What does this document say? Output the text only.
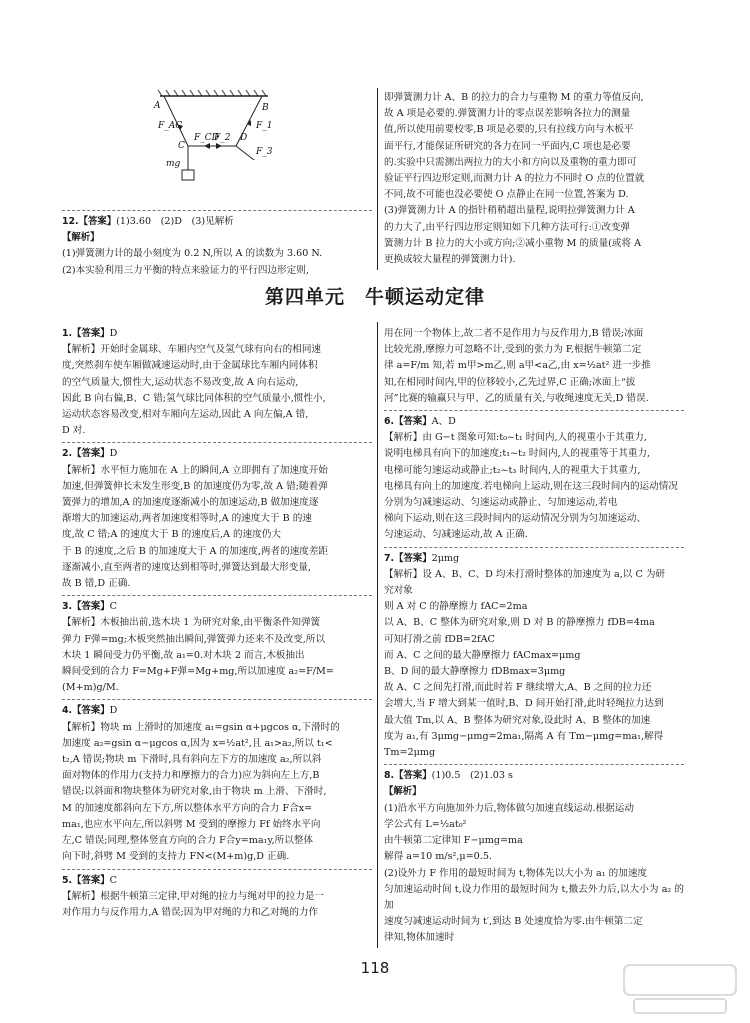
A	B
C
D
F_AC
F_CD
F_2
F_1
F_3
mg

12.【答案】(1)3.60　(2)D　(3)见解析

【解析】

(1)弹簧测力计的最小刻度为 0.2 N,所以 A 的读数为 3.60 N.

(2)本实验利用三力平衡的特点来验证力的平行四边形定则,

即弹簧测力计 A、B 的拉力的合力与重物 M 的重力等值反向,

故 A 项是必要的.弹簧测力计的零点误差影响各拉力的测量

值,所以使用前要校零,B 项是必要的,只有拉线方向与木板平

面平行,才能保证所研究的各力在同一平面内,C 项也是必要

的.实验中只需测出两拉力的大小和方向以及重物的重力即可

验证平行四边形定则,而测力计 A 的拉力不同时 O 点的位置就

不同,故不可能也没必要使 O 点静止在同一位置,答案为 D.

(3)弹簧测力计 A 的指针稍稍超出量程,说明拉弹簧测力计 A

的力大了,由平行四边形定则知如下几种方法可行:①改变弹

簧测力计 B 拉力的大小或方向;②减小重物 M 的质量(或将 A

更换成较大量程的弹簧测力计).

第四单元　牛顿运动定律

1.【答案】D

【解析】开始时金属球、车厢内空气及氢气球有向右的相同速

度,突然刹车使车厢做减速运动时,由于金属球比车厢内同体积

的空气质量大,惯性大,运动状态不易改变,故 A 向右运动,

因此 B 向右偏,B、C 错;氢气球比同体积的空气质量小,惯性小,

运动状态容易改变,相对车厢向左运动,因此 A 向左偏,A 错,

D 对.

2.【答案】D

【解析】水平恒力施加在 A 上的瞬间,A 立即拥有了加速度开始

加速,但弹簧伸长未发生形变,B 的加速度仍为零,故 A 错;随着弹

簧弹力的增加,A 的加速度逐渐减小的加速运动,B 做加速度逐

渐增大的加速运动,两者加速度相等时,A 的速度大于 B 的速

度,故 C 错;A 的速度大于 B 的速度后,A 的速度仍大

于 B 的速度,之后 B 的加速度大于 A 的加速度,两者的速度差距

逐渐减小,直至两者的速度达到相等时,弹簧达到最大形变量,

故 B 错,D 正确.

3.【答案】C

【解析】木板抽出前,选木块 1 为研究对象,由平衡条件知弹簧

弹力 F弹=mg;木板突然抽出瞬间,弹簧弹力还来不及改变,所以

木块 1 瞬间受力仍平衡,故 a₁=0.对木块 2 而言,木板抽出

瞬间受到的合力 F=Mg+F弹=Mg+mg,所以加速度 a₂=F/M=

(M+m)g/M.

4.【答案】D

【解析】物块 m 上滑时的加速度 a₁=gsin α+μgcos α,下滑时的

加速度 a₂=gsin α−μgcos α,因为 x=½at²,且 a₁>a₂,所以 t₁<

t₂,A 错误;物块 m 下滑时,具有斜向左下方的加速度 a₂,所以斜

面对物体的作用力(支持力和摩擦力的合力)应为斜向左上方,B

错误;以斜面和物块整体为研究对象,由于物块 m 上滑、下滑时,

M 的加速度都斜向左下方,所以整体水平方向的合力 F合x=

ma₁,也应水平向左,所以斜劈 M 受到的摩擦力 Ff 始终水平向

左,C 错误;同理,整体竖直方向的合力 F合y=ma₁y,所以整体

向下时,斜劈 M 受到的支持力 FN<(M+m)g,D 正确.

5.【答案】C

【解析】根据牛顿第三定律,甲对绳的拉力与绳对甲的拉力是一

对作用力与反作用力,A 错误;因为甲对绳的力和乙对绳的力作

用在同一个物体上,故二者不是作用力与反作用力,B 错误;冰面

比较光滑,摩擦力可忽略不计,受到的张力为 F,根据牛顿第二定

律 a=F/m 知,若 m甲>m乙,则 a甲<a乙,由 x=½at² 进一步推

知,在相同时间内,甲的位移较小,乙先过界,C 正确;冰面上“拔

河”比赛的输赢只与甲、乙的质量有关,与收绳速度无关,D 错误.

6.【答案】A、D

【解析】由 G−t 图象可知:t₀~t₁ 时间内,人的视重小于其重力,

说明电梯具有向下的加速度;t₁~t₂ 时间内,人的视重等于其重力,

电梯可能匀速运动或静止;t₂~t₃ 时间内,人的视重大于其重力,

电梯具有向上的加速度.若电梯向上运动,则在这三段时间内的运动情况

分别为匀减速运动、匀速运动或静止、匀加速运动,若电

梯向下运动,则在这三段时间内的运动情况分别为匀加速运动、

匀速运动、匀减速运动,故 A 正确.

7.【答案】2μmg

【解析】设 A、B、C、D 均未打滑时整体的加速度为 a,以 C 为研

究对象

则 A 对 C 的静摩擦力 fAC=2ma

以 A、B、C 整体为研究对象,则 D 对 B 的静摩擦力 fDB=4ma

可知打滑之前 fDB=2fAC

而 A、C 之间的最大静摩擦力 fACmax=μmg

B、D 间的最大静摩擦力 fDBmax=3μmg

故 A、C 之间先打滑,而此时若 F 继续增大,A、B 之间的拉力还

会增大,当 F 增大到某一值时,B、D 间开始打滑,此时轻绳拉力达到

最大值 Tm,以 A、B 整体为研究对象,设此时 A、B 整体的加速

度为 a₁,有 3μmg−μmg=2ma₁,隔离 A 有 Tm−μmg=ma₁,解得

Tm=2μmg

8.【答案】(1)0.5　(2)1.03 s

【解析】

(1)沿水平方向施加外力后,物体做匀加速直线运动.根据运动

学公式有 L=½at₀²

由牛顿第二定律知 F−μmg=ma

解得 a=10 m/s²,μ=0.5.

(2)设外力 F 作用的最短时间为 t,物体先以大小为 a₁ 的加速度

匀加速运动时间 t,设力作用的最短时间为 t,撤去外力后,以大小为 a₂ 的加

速度匀减速运动时间为 t′,到达 B 处速度恰为零.由牛顿第二定

律知,物体加速时

118
